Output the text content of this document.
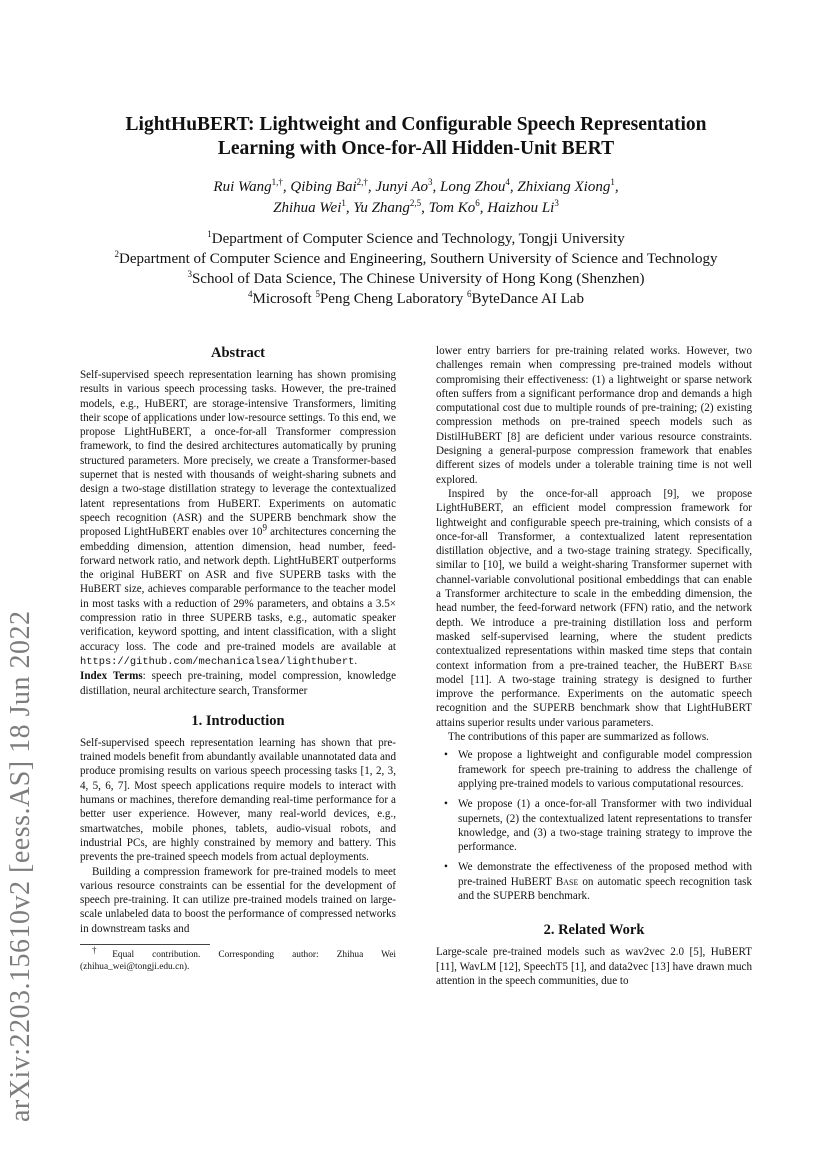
arXiv:2203.15610v2 [eess.AS] 18 Jun 2022
LightHuBERT: Lightweight and Configurable Speech Representation
Learning with Once-for-All Hidden-Unit BERT
Rui Wang$^{1,\dagger}$, Qibing Bai$^{2,\dagger}$, Junyi Ao$^3$, Long Zhou$^4$, Zhixiang Xiong$^1$,
Zhihua Wei$^1$, Yu Zhang$^{2,5}$, Tom Ko$^6$, Haizhou Li$^3$
$^1$Department of Computer Science and Technology, Tongji University
$^2$Department of Computer Science and Engineering, Southern University of Science and Technology
$^3$School of Data Science, The Chinese University of Hong Kong (Shenzhen)
$^4$Microsoft $^5$Peng Cheng Laboratory $^6$ByteDance AI Lab
Abstract

Self-supervised speech representation learning has shown promising results in various speech processing tasks. However, the pre-trained models, e.g., HuBERT, are storage-intensive Transformers, limiting their scope of applications under low-resource settings. To this end, we propose LightHuBERT, a once-for-all Transformer compression framework, to find the desired architectures automatically by pruning structured parameters. More precisely, we create a Transformer-based supernet that is nested with thousands of weight-sharing subnets and design a two-stage distillation strategy to leverage the contextualized latent representations from HuBERT. Experiments on automatic speech recognition (ASR) and the SUPERB benchmark show the proposed LightHuBERT enables over $10^9$ architectures concerning the embedding dimension, attention dimension, head number, feed-forward network ratio, and network depth. LightHuBERT outperforms the original HuBERT on ASR and five SUPERB tasks with the HuBERT size, achieves comparable performance to the teacher model in most tasks with a reduction of 29% parameters, and obtains a 3.5× compression ratio in three SUPERB tasks, e.g., automatic speaker verification, keyword spotting, and intent classification, with a slight accuracy loss. The code and pre-trained models are available at https://github.com/mechanicalsea/lighthubert.

Index Terms: speech pre-training, model compression, knowledge distillation, neural architecture search, Transformer

1. Introduction

Self-supervised speech representation learning has shown that pre-trained models benefit from abundantly available unannotated data and produce promising results on various speech processing tasks [1, 2, 3, 4, 5, 6, 7]. Most speech applications require models to interact with humans or machines, therefore demanding real-time performance for a better user experience. However, many real-world devices, e.g., smartwatches, mobile phones, tablets, audio-visual robots, and industrial PCs, are highly constrained by memory and battery. This prevents the pre-trained speech models from actual deployments.

Building a compression framework for pre-trained models to meet various resource constraints can be essential for the development of speech pre-training. It can utilize pre-trained models trained on large-scale unlabeled data to boost the performance of compressed networks in downstream tasks and

†Equal contribution. Corresponding author: Zhihua Wei (zhihua_wei@tongji.edu.cn).

lower entry barriers for pre-training related works. However, two challenges remain when compressing pre-trained models without compromising their effectiveness: (1) a lightweight or sparse network often suffers from a significant performance drop and demands a high computational cost due to multiple rounds of pre-training; (2) existing compression methods on pre-trained speech models such as DistilHuBERT [8] are deficient under various resource constraints. Designing a general-purpose compression framework that enables different sizes of models under a tolerable training time is not well explored.

Inspired by the once-for-all approach [9], we propose LightHuBERT, an efficient model compression framework for lightweight and configurable speech pre-training, which consists of a once-for-all Transformer, a contextualized latent representation distillation objective, and a two-stage training strategy. Specifically, similar to [10], we build a weight-sharing Transformer supernet with channel-variable convolutional positional embeddings that can enable a Transformer architecture to scale in the embedding dimension, the head number, the feed-forward network (FFN) ratio, and the network depth. We introduce a pre-training distillation loss and perform masked self-supervised learning, where the student predicts contextualized representations within masked time steps that contain context information from a pre-trained teacher, the HuBERT Base model [11]. A two-stage training strategy is designed to further improve the performance. Experiments on the automatic speech recognition and the SUPERB benchmark show that LightHuBERT attains superior results under various parameters.

The contributions of this paper are summarized as follows.

• We propose a lightweight and configurable model compression framework for speech pre-training to address the challenge of applying pre-trained models to various computational resources.
• We propose (1) a once-for-all Transformer with two individual supernets, (2) the contextualized latent representations to transfer knowledge, and (3) a two-stage training strategy to improve the performance.
• We demonstrate the effectiveness of the proposed method with pre-trained HuBERT Base on automatic speech recognition task and the SUPERB benchmark.
2. Related Work

Large-scale pre-trained models such as wav2vec 2.0 [5], HuBERT [11], WavLM [12], SpeechT5 [1], and data2vec [13] have drawn much attention in the speech communities, due to
